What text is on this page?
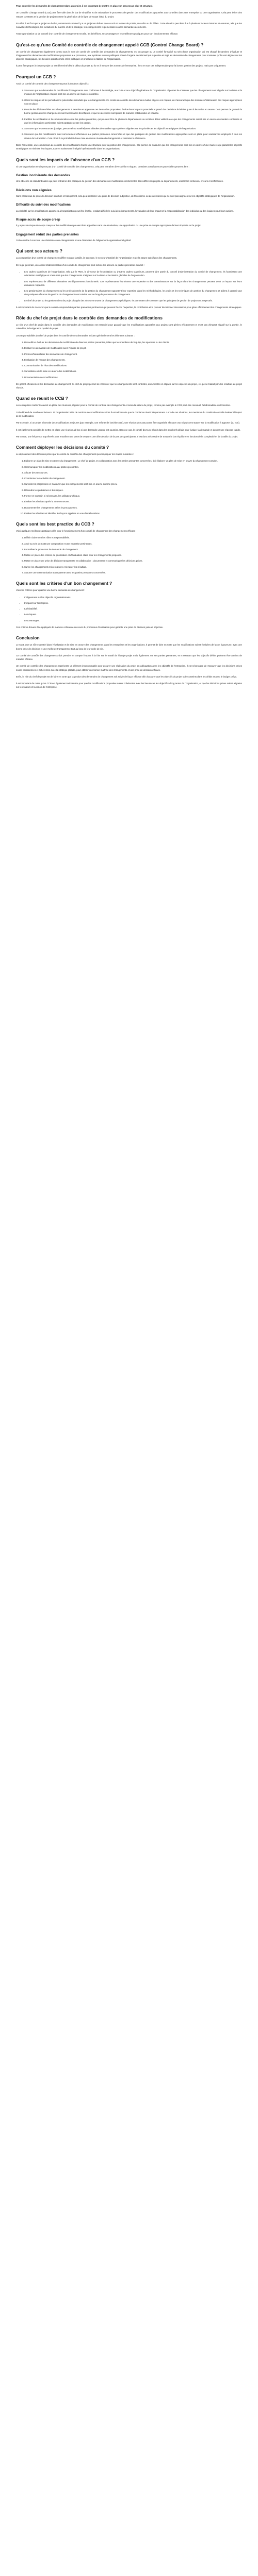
Pour contrôler les demandes de changement dans un projet, il est important de mettre en place un processus clair et structuré.

Un Contrôle Change Board (CCB) peut être utile dans le but de simplifier et de rationaliser le processus de gestion des modifications apportées aux contrôles dans une entreprise ou une organisation. Cela peut éviter des retours constants et la gestion de projet comme la génération de la ligne de scope initial du projet.

En effet, il est fort que le projet ne évolue, notamment comme il y a un projet en dehors que ce soit en termes de portée, de coûts ou de délais. Cette situation peut être due à plusieurs facteurs internes et externes, tels que les nouvelles technologies, les évolutions du marché et de la stratégie, les changements réglementaires ou les demandes des clients.

Toute approbation ou de conseil d'un contrôle de changement est utile, les bénéfices, ses avantages et les meilleures pratiques pour son fonctionnement efficace.

Qu'est-ce qu'une Comité de contrôle de changement appelé CCB (Control Change Board) ?

Un comité de changement également connu sous le nom de comité de contrôle des demandes de changements, est un groupe ou un comité formalisé au sein d'une organisation qui est chargé d'examiner, d'évaluer et d'approuver les demandes de modifications proposées aux processus, aux systèmes ou aux politiques. Il sert d'organe décisionnel qui supervise et régit les demandes de changements pour s'assurer qu'ils sont alignés sur les objectifs stratégiques, les besoins opérationnels et les politiques et procédures établies de l'organisation.

Il peut être propre à chaque projet ou est déterminé dès le début du projet au fur et à mesure des normes de l'entreprise. Il est en tout cas indispensable pour la bonne gestion des projets, mais pas uniquement.

Pourquoi un CCB ?

Avoir un comité de contrôle des changements peut à plusieurs objectifs :

1. S'assurer que les demandes de modification/changements sont conformes à la stratégie, aux buts et aux objectifs généraux de l'organisation. Il permet de s'assurer que les changements sont alignés sur la vision et la mission de l'organisation et qu'ils sont mis en œuvre de manière contrôlée.
2. Gérer les risques et les perturbations potentielles introduits par les changements. Ce comité de contrôle des demandes évalue et gère ces risques, en s'assurant que des mesures d'atténuation des risques appropriées sont en place.
3. Prendre les décisions liées aux changements. Il examine et approuve ces demandes proposées, évalue leurs impacts potentiels et prend des décisions éclairées quant à leur mise en œuvre. Cela permet de garantir la bonne gestion que les changements sont nécessaires bénéfiques et que les décisions sont prises de manière collaborative et éclairée.
4. Faciliter la coordination et la communication entre les parties prenantes, qui peuvent être de plusieurs départements ou sociétés. Elles veillent à ce que les changements soient mis en œuvre de manière cohérente et que les informations pertinentes soient partagées entre les parties.
5. S'assurer que les ressources (budget, personnel ou matériel) sont allouées de manière appropriée et alignées sur les priorités et les objectifs stratégiques de l'organisation.
6. S'assurer que les modifications sont correctement effectuées aux parties prenantes concernées et que des pratiques de gestion des modifications appropriées sont en place pour soutenir les employés à tous les stades de la transition. Cela réduit à la probabilité d'une mise en œuvre réussie du changement et minimise la résistance.

Dans l'ensemble, une commission de contrôle des modifications fournit une structure pour la gestion des changements. Elle permet de s'assurer que les changements sont mis en œuvre d'une manière qui garantit les objectifs stratégiques et minimise les risques, tout en maintenant l'intégrité opérationnelle dans les organisations.

Quels sont les impacts de l'absence d'un CCB ?

Si une organisation ne dispose pas d'un comité de contrôle des changements, cela peut entraîner divers défis et risques. Certaines conséquences potentielles peuvent être :

Gestion incohérente des demandes

Une absence de standardisation qui peut entraîner des pratiques de gestion des demandes de modification incohérentes dans différents projets ou départements, entraînant confusion, erreurs et inefficacités.

Décisions non alignées

Sans processus de prise de décision structuré et transparent, cela peut entraîner une prise de décision subjective, de favoritisme ou des décisions qui ne sont pas alignées sur les objectifs stratégiques de l'organisation.

Difficulté du suivi des modifications

La visibilité sur les modifications apportées à l'organisation peut être limitée, rendant difficile le suivi des changements, l'évaluation de leur impact et la responsabilisation des individus ou des équipes pour leurs actions.

Risque accru de scope creep

Il y a plus de risque de scope creep car les modifications peuvent être apportées sans une évaluation, une approbation ou une prise en compte appropriée de leurs impacts sur le projet.

Engagement réduit des parties prenantes

Cela entraîne à son tour une résistance aux changements et une diminution de l'alignement organisationnel global.

Qui sont ses acteurs ?

La composition d'un comité de changement diffère suivant la taille, la structure, le secteur d'activité de l'organisation et de la nature spécifique des changements.

En règle générale, un conseil d'administration d'un comité de changement peut inclure les acteurs ou parties prenantes suivant :

• Les cadres supérieurs de l'organisation, tels que le PDG, le directeur de l'exploitation ou d'autres cadres supérieurs, peuvent faire partie du conseil d'administration du comité de changement. Ils fournissent une orientation stratégique et s'assurent que les changements s'alignent sur la vision et la mission globales de l'organisation.
• Les représentants de différents domaines ou départements fonctionnels. Ces représentants fournissent une expertise et des connaissances sur la façon dont les changements peuvent avoir un impact sur leurs domaines respectifs.
• Les gestionnaires du changement ou les professionnels de la gestion du changement apportent leur expertise dans les méthodologies, les outils et les techniques de gestion du changement et aident à garantir que des pratiques efficaces de gestion du changement sont suivies tout au long du processus de changement.
• Le chef de projet ou les gestionnaires de projet chargés des mises en œuvre de changements spécifiques. Ils permettent de s'assurer que les principes de gestion de projet sont respectés.

Il est important de s'assurer que le comité comprend des parties prenantes pertinentes qui peuvent fournir l'expertise, la contribution et le pouvoir décisionnel nécessaires pour gérer efficacement les changements stratégiques.

Rôle du chef de projet dans le contrôle des demandes de modifications

Le rôle d'un chef de projet dans le contrôle des demandes de modification est essentiel pour garantir que les modifications apportées aux projets sont gérées efficacement et n'ont pas d'impact négatif sur la portée, le calendrier, le budget et la qualité du projet.

Les responsabilités du chef de projet dans le contrôle de ces demandes incluent généralement les éléments suivants :

1. Recueillir et évaluer les demandes de modification de diverses parties prenantes, telles que les membres de l'équipe, les sponsors ou les clients.
2. Évaluer les demandes de modification avec l'équipe de projet.
3. Prioriser/hiérarchiser des demandes de changement.
4. Évaluation de l'impact des changements.
5. Communication de l'état des modifications.
6. Surveillance de la mise en œuvre des modifications.
7. Documentation des modifications.

En gérant efficacement les demandes de changement, le chef de projet permet de s'assurer que les changements sont contrôlés, documentés et alignés sur les objectifs du projet, ce qui se traduit par des résultats de projet réussis.

Quand se réunit le CCB ?

Les entreprises mettent souvent en place ces réunions, régulier pour le comité de contrôle des changements et selon la nature du projet, comme par exemple le CCB peut être mensuel, hebdomadaire ou trimestriel.

Cela dépend de nombreux facteurs. Si l'organisation initie de nombreuses modifications alors il est nécessaire que le comité se réunit fréquemment. Lors de ces réunions, les membres du comité de contrôle évaluent l'impact de la modification.

Par exemple, si un projet nécessite des modifications majeures (par exemple, une refonte de l'architecture), une réunion du CCB pourra être organisée afin que ceux-ci puissent statuer sur la modification à apporter (ou non).

Il est également possible de mettre en place une réunion ad hoc si une demande urgente est soumise. Dans ce cas, le comité devra se réunir dans les plus brefs délais pour évaluer la demande et donner une réponse rapide.

Par contre, une fréquence trop élevée peut entraîner une perte de temps et une démotivation de la part des participants. Il est donc nécessaire de trouver le bon équilibre en fonction de la complexité et de la taille du projet.

Comment déployer les décisions du comité ?

Le déploiement des décisions prises par le comité de contrôle des changements peut impliquer les étapes suivantes :

1. Élaborer un plan de mise en œuvre du changement : Le chef de projet, en collaboration avec les parties prenantes concernées, doit élaborer un plan de mise en œuvre du changement complet.
2. Communiquer les modifications aux parties prenantes.
3. Allouer des ressources.
4. Coordonner les activités du changement.
5. Surveiller la progression et s'assurer que les changements sont mis en œuvre comme prévu.
6. Résoudre les problèmes et les risques.
7. Former et soutenir, si nécessaire, les utilisateurs finaux.
8. Évaluer les résultats après la mise en œuvre.
9. Documenter les changements et les leçons apprises.
10. Évaluer les résultats et identifier les leçons apprises en vue d'améliorations.
Quels sont les best practice du CCB ?

Voici quelques meilleures pratiques clés pour le fonctionnement d'un comité de changement des changements efficace :

1. Définir clairement les rôles et responsabilités.
2. Avoir au sein du CCB une composition et une expertise pertinentes.
3. Formaliser le processus de demande de changement.
4. Mettre en place des critères de priorisation et d'évaluation clairs pour les changements proposés.
5. Mettre en place une prise de décision transparente et collaborative ; documenter et communiquer les décisions prises.
6. Suivre les changements mis en œuvre et évaluer les résultats.
7. Assurer une communication transparente avec les parties prenantes concernées.
Quels sont les critères d'un bon changement ?

Voici les critères pour qualifier une bonne demande de changement :

• L'alignement sur les objectifs organisationnels.
• L'impact sur l'entreprise.
• La faisabilité.
• Les risques.
• Les avantages.

Ces critères doivent être appliqués de manière cohérente au cours du processus d'évaluation pour garantir une prise de décision juste et objective.

Conclusion

Le CCB joue un rôle essentiel dans l'évaluation et la mise en œuvre des changements dans les entreprises et les organisations. Il permet de faire en sorte que les modifications soient évaluées de façon rigoureuse, avec une bonne prise de décision et une meilleure transparence tout au long de leur cycle de vie.

Ce comité de contrôle des changements doit prendre en compte l'impact à la fois sur le travail de l'équipe projet mais également sur ses parties prenantes, en s'assurant que les objectifs définis puissent être atteints de manière efficace.

Un comité de contrôle des changements représente un élément incontournable pour assurer une réalisation du projet en adéquation avec les objectifs de l'entreprise. Il est nécessaire de s'assurer que les décisions prises soient coordonnées et cohérentes avec la stratégie globale, pour obtenir une bonne maîtrise des changements et une prise de décision efficace.

Enfin, le rôle du chef de projet est de faire en sorte que la gestion des demandes de changement soit suivie de façon efficace afin d'assurer que les objectifs du projet soient atteints dans les délais et avec le budget prévu.

Il est important de noter qu'un CCB est également nécessaire pour que les modifications proposées soient cohérentes avec les besoins et les objectifs à long terme de l'organisation, et que les décisions prises soient alignées sur les valeurs et la vision de l'entreprise.
